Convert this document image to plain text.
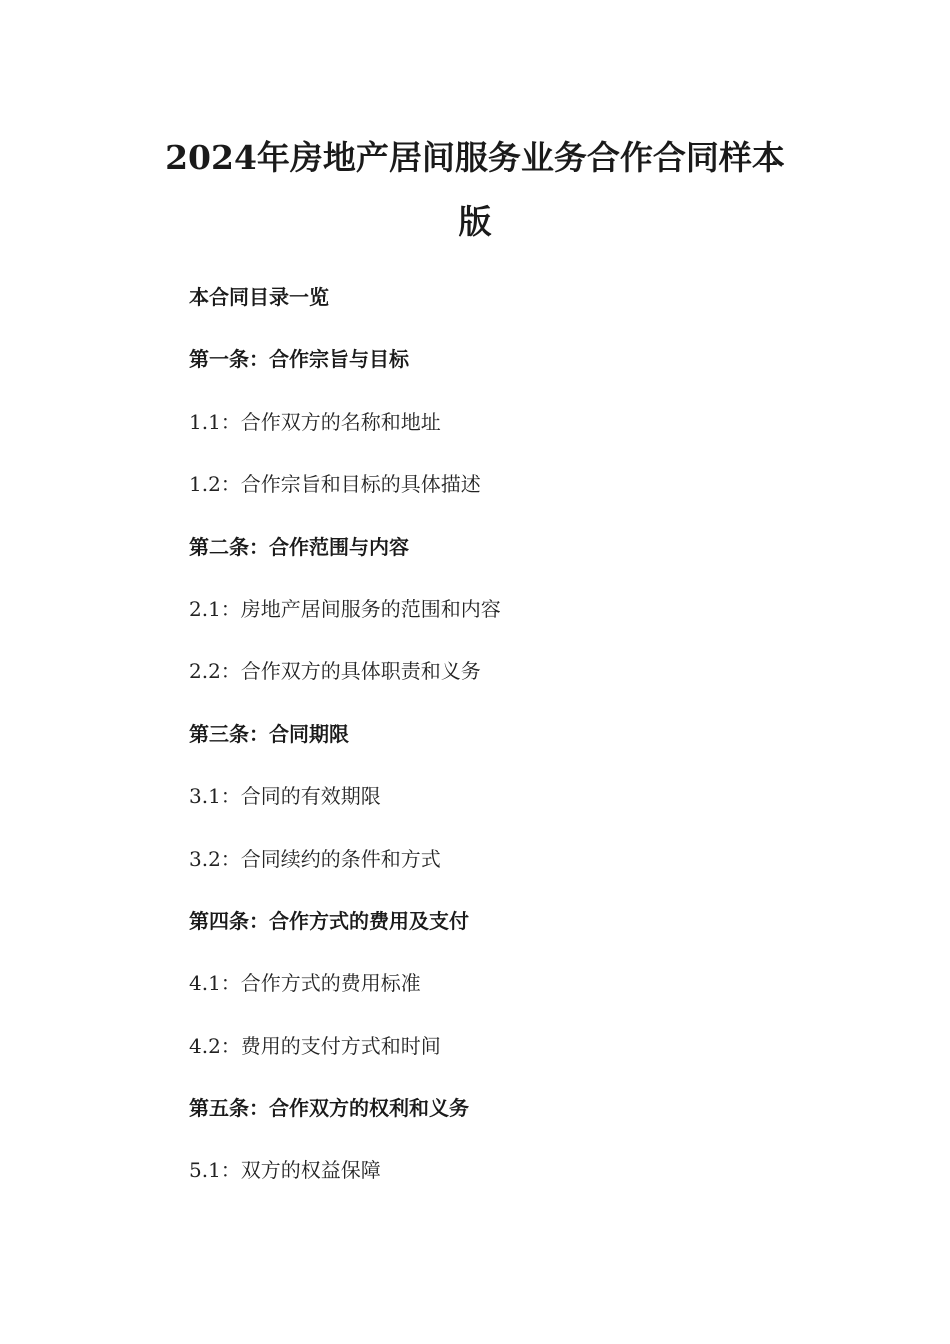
2024年房地产居间服务业务合作合同样本
版
本合同目录一览
第一条：合作宗旨与目标
1.1：合作双方的名称和地址
1.2：合作宗旨和目标的具体描述
第二条：合作范围与内容
2.1：房地产居间服务的范围和内容
2.2：合作双方的具体职责和义务
第三条：合同期限
3.1：合同的有效期限
3.2：合同续约的条件和方式
第四条：合作方式的费用及支付
4.1：合作方式的费用标准
4.2：费用的支付方式和时间
第五条：合作双方的权利和义务
5.1：双方的权益保障
